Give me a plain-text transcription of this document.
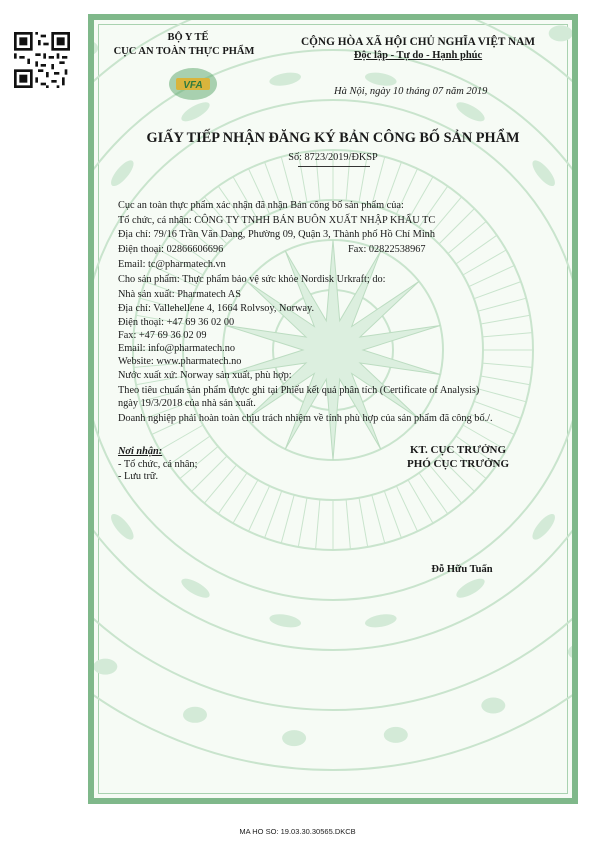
BỘ Y TẾ
CỤC AN TOÀN THỰC PHẨM
VFA
CỘNG HÒA XÃ HỘI CHỦ NGHĨA VIỆT NAM
Độc lập - Tự do - Hạnh phúc
Hà Nội, ngày 10 tháng 07 năm 2019
GIẤY TIẾP NHẬN ĐĂNG KÝ BẢN CÔNG BỐ SẢN PHẨM
Số: 8723/2019/ĐKSP
Cục an toàn thực phẩm xác nhận đã nhận Bản công bố sản phẩm của:
Tổ chức, cá nhân: CÔNG TY TNHH BÁN BUÔN XUẤT NHẬP KHẨU TC
Địa chỉ: 79/16 Trần Văn Dang, Phường 09, Quận 3, Thành phố Hồ Chí Minh
Điện thoại: 02866606696	Fax: 02822538967
Email: tc@pharmatech.vn
Cho sản phẩm: Thực phẩm bảo vệ sức khỏe Nordisk Urkraft; do:
Nhà sản xuất: Pharmatech AS
Địa chỉ: Vallehellene 4, 1664 Rolvsoy, Norway.
Điện thoại: +47 69 36 02 00
Fax: +47 69 36 02 09
Email: info@pharmatech.no
Website: www.pharmatech.no
Nước xuất xứ: Norway sản xuất, phù hợp:
Theo tiêu chuẩn sản phẩm được ghi tại Phiếu kết quả phân tích (Certificate of Analysis)
ngày 19/3/2018 của nhà sản xuất.
Doanh nghiệp phải hoàn toàn chịu trách nhiệm về tính phù hợp của sản phẩm đã công bố./.
Nơi nhận:
- Tổ chức, cá nhân;
- Lưu trữ.
KT. CỤC TRƯỞNG
PHÓ CỤC TRƯỞNG
Đỗ Hữu Tuấn
MA HO SO: 19.03.30.30565.DKCB
